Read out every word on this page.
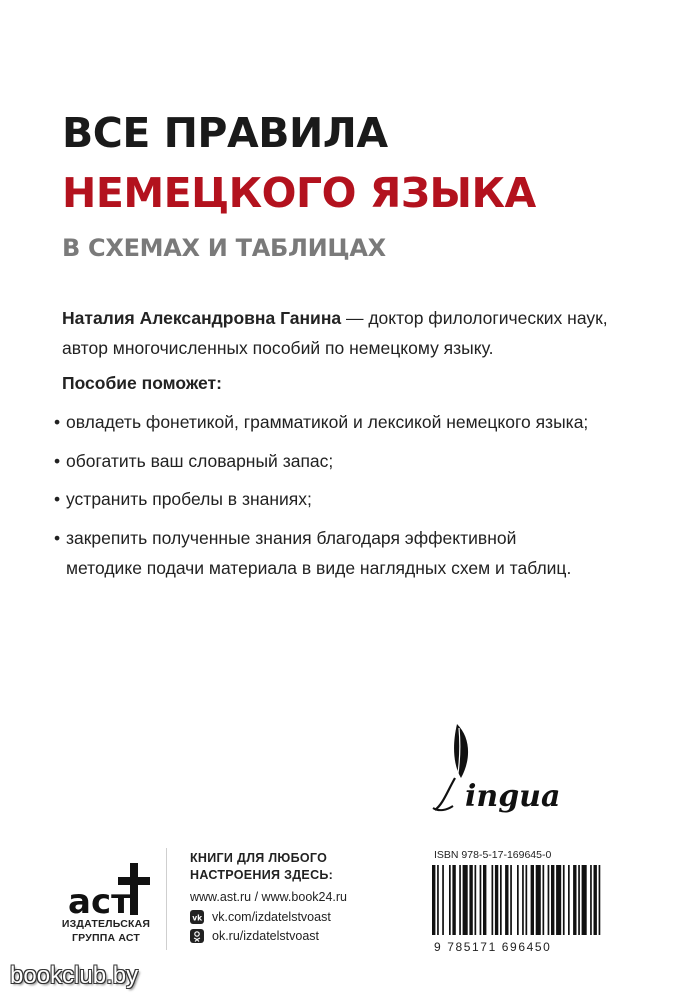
ВСЕ ПРАВИЛА
НЕМЕЦКОГО ЯЗЫКА
В СХЕМАХ И ТАБЛИЦАХ
Наталия Александровна Ганина — доктор филологических наук,
автор многочисленных пособий по немецкому языку.
Пособие поможет:
• овладеть фонетикой, грамматикой и лексикой немецкого языка;
• обогатить ваш словарный запас;
• устранить пробелы в знаниях;
• закрепить полученные знания благодаря эффективной
методике подачи материала в виде наглядных схем и таблиц.
ingua
аст
ИЗДАТЕЛЬСКАЯ
ГРУППА АСТ
КНИГИ ДЛЯ ЛЮБОГО
НАСТРОЕНИЯ ЗДЕСЬ:
www.ast.ru / www.book24.ru
vk vk.com/izdatelstvoast
ok.ru/izdatelstvoast
ISBN 978-5-17-169645-0
9 785171 696450
bookclub.by
